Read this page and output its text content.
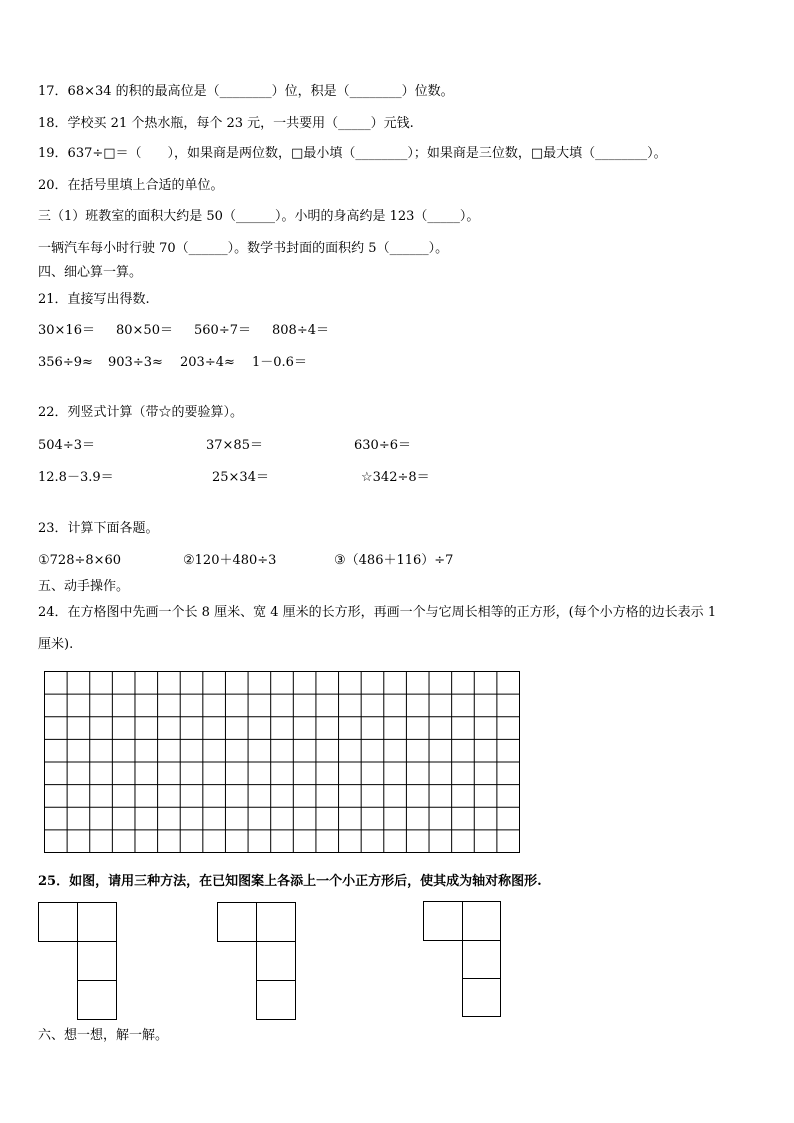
17．68×34 的积的最高位是（________）位，积是（________）位数。
18．学校买 21 个热水瓶，每个 23 元，一共要用（_____）元钱.
19．637÷□＝（　　），如果商是两位数，□最小填（________）；如果商是三位数，□最大填（________）。
20．在括号里填上合适的单位。
三（1）班教室的面积大约是 50（______）。小明的身高约是 123（_____）。
一辆汽车每小时行驶 70（______）。数学书封面的面积约 5（______）。
四、细心算一算。
21．直接写出得数.
30×16＝ 80×50＝ 560÷7＝ 808÷4＝
356÷9≈ 903÷3≈ 203÷4≈ 1－0.6＝
22．列竖式计算（带☆的要验算）。
504÷3＝	37×85＝	630÷6＝
12.8－3.9＝	25×34＝	☆342÷8＝
23．计算下面各题。
①728÷8×60	②120＋480÷3	③（486＋116）÷7
五、动手操作。
24．在方格图中先画一个长 8 厘米、宽 4 厘米的长方形，再画一个与它周长相等的正方形，(每个小方格的边长表示 1
厘米).
25．如图，请用三种方法，在已知图案上各添上一个小正方形后，使其成为轴对称图形.
六、想一想，解一解。
